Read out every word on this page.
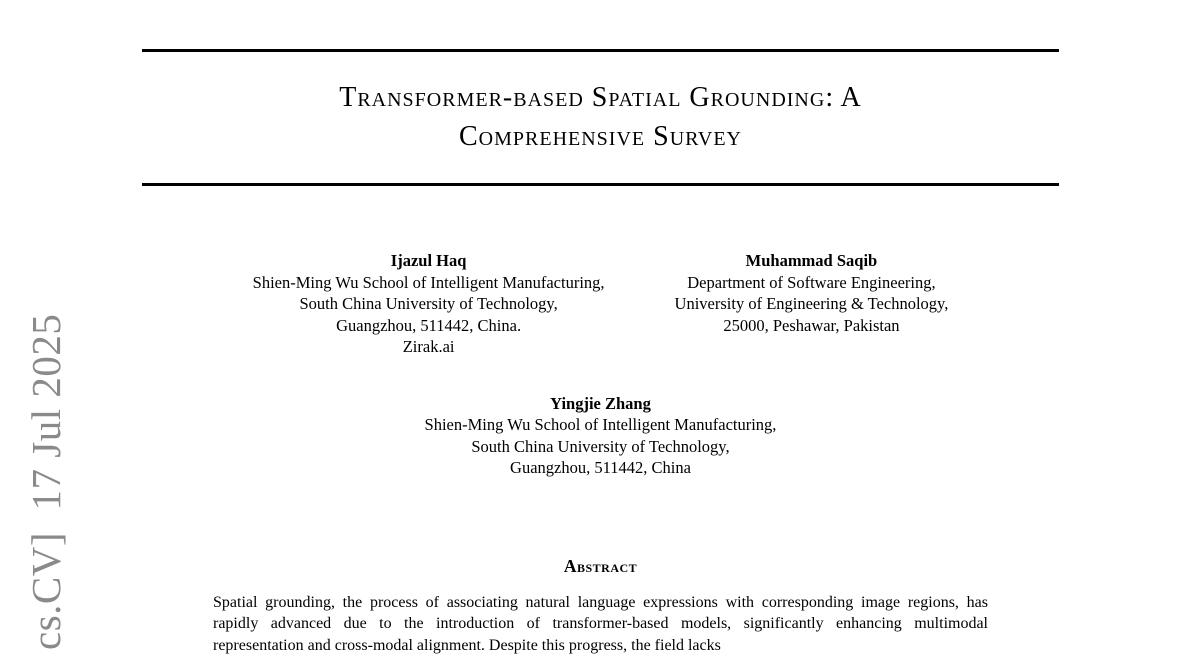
cs.CV]  17 Jul 2025
Transformer-based Spatial Grounding: A
Comprehensive Survey
Ijazul Haq
Shien-Ming Wu School of Intelligent Manufacturing,
South China University of Technology,
Guangzhou, 511442, China.
Zirak.ai
Muhammad Saqib
Department of Software Engineering,
University of Engineering & Technology,
25000, Peshawar, Pakistan
Yingjie Zhang
Shien-Ming Wu School of Intelligent Manufacturing,
South China University of Technology,
Guangzhou, 511442, China
Abstract

Spatial grounding, the process of associating natural language expressions with corresponding image regions, has rapidly advanced due to the introduction of transformer-based models, significantly enhancing multimodal representation and cross-modal alignment. Despite this progress, the field lacks
